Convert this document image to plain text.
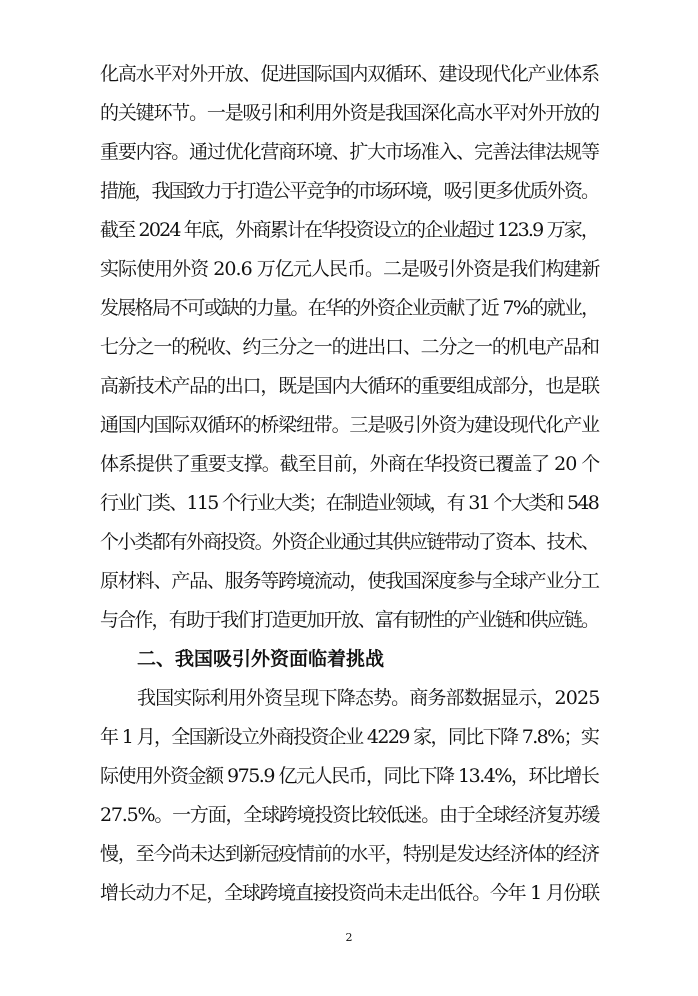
化高水平对外开放、促进国际国内双循环、建设现代化产业体系
的关键环节。一是吸引和利用外资是我国深化高水平对外开放的
重要内容。通过优化营商环境、扩大市场准入、完善法律法规等
措施，我国致力于打造公平竞争的市场环境，吸引更多优质外资。
截至 2024 年底，外商累计在华投资设立的企业超过 123.9 万家，
实际使用外资 20.6 万亿元人民币。二是吸引外资是我们构建新
发展格局不可或缺的力量。在华的外资企业贡献了近 7%的就业，
七分之一的税收、约三分之一的进出口、二分之一的机电产品和
高新技术产品的出口，既是国内大循环的重要组成部分，也是联
通国内国际双循环的桥梁纽带。三是吸引外资为建设现代化产业
体系提供了重要支撑。截至目前，外商在华投资已覆盖了 20 个
行业门类、115 个行业大类；在制造业领域，有 31 个大类和 548
个小类都有外商投资。外资企业通过其供应链带动了资本、技术、
原材料、产品、服务等跨境流动，使我国深度参与全球产业分工
与合作，有助于我们打造更加开放、富有韧性的产业链和供应链。
二、我国吸引外资面临着挑战
我国实际利用外资呈现下降态势。商务部数据显示，2025
年 1 月，全国新设立外商投资企业 4229 家，同比下降 7.8%；实
际使用外资金额 975.9 亿元人民币，同比下降 13.4%，环比增长
27.5%。一方面，全球跨境投资比较低迷。由于全球经济复苏缓
慢，至今尚未达到新冠疫情前的水平，特别是发达经济体的经济
增长动力不足，全球跨境直接投资尚未走出低谷。今年 1 月份联
2
